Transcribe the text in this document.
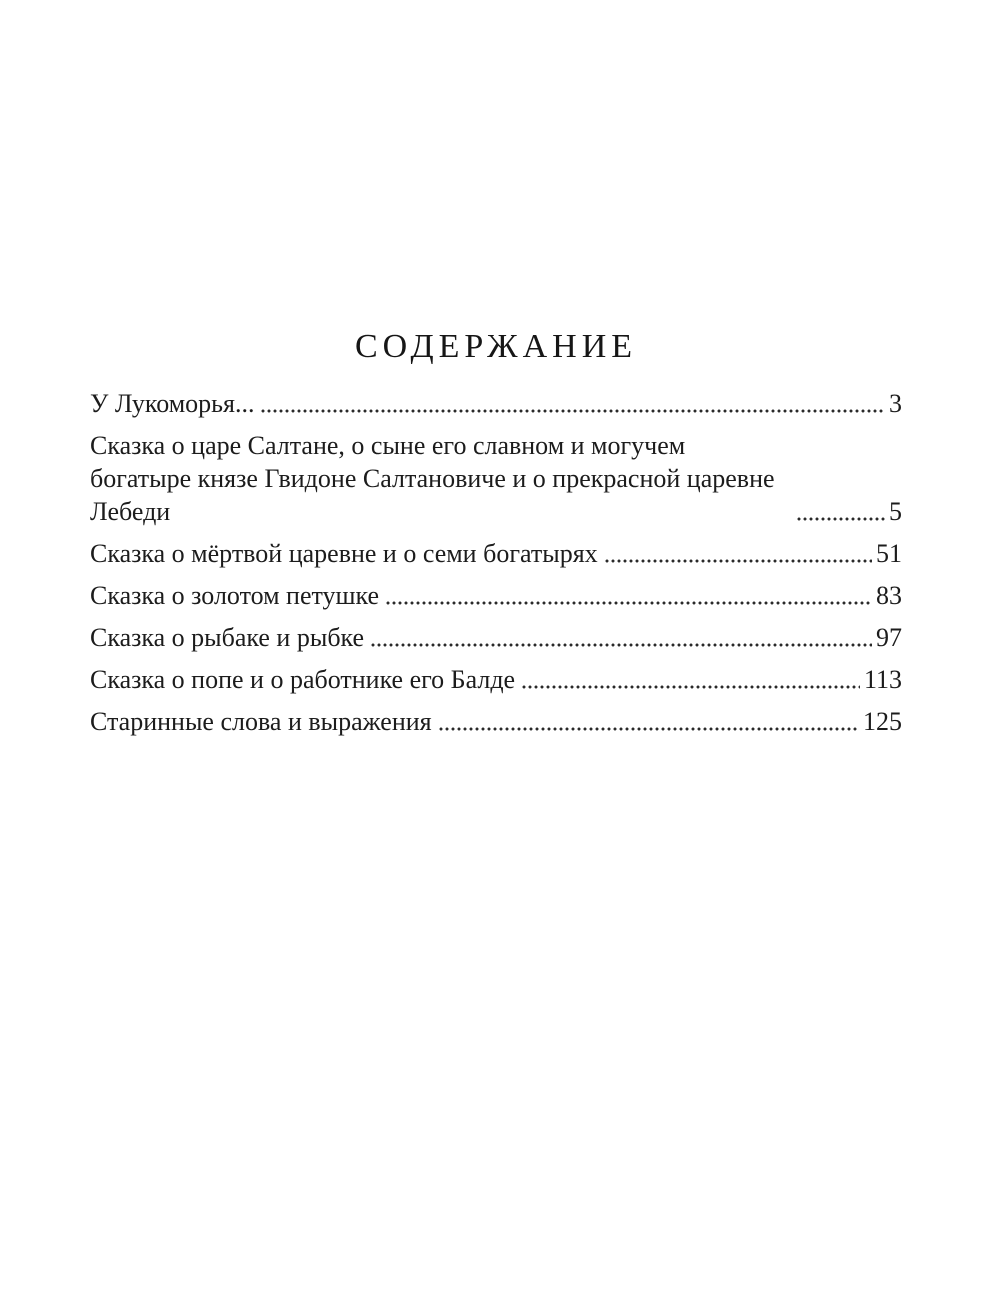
СОДЕРЖАНИЕ
У Лукоморья...	3
Сказка о царе Салтане, о сыне его славном и могучем богатыре князе Гвидоне Салтановиче и о прекрасной царевне Лебеди	5
Сказка о мёртвой царевне и о семи богатырях	51
Сказка о золотом петушке	83
Сказка о рыбаке и рыбке	97
Сказка о попе и о работнике его Балде	113
Старинные слова и выражения	125
